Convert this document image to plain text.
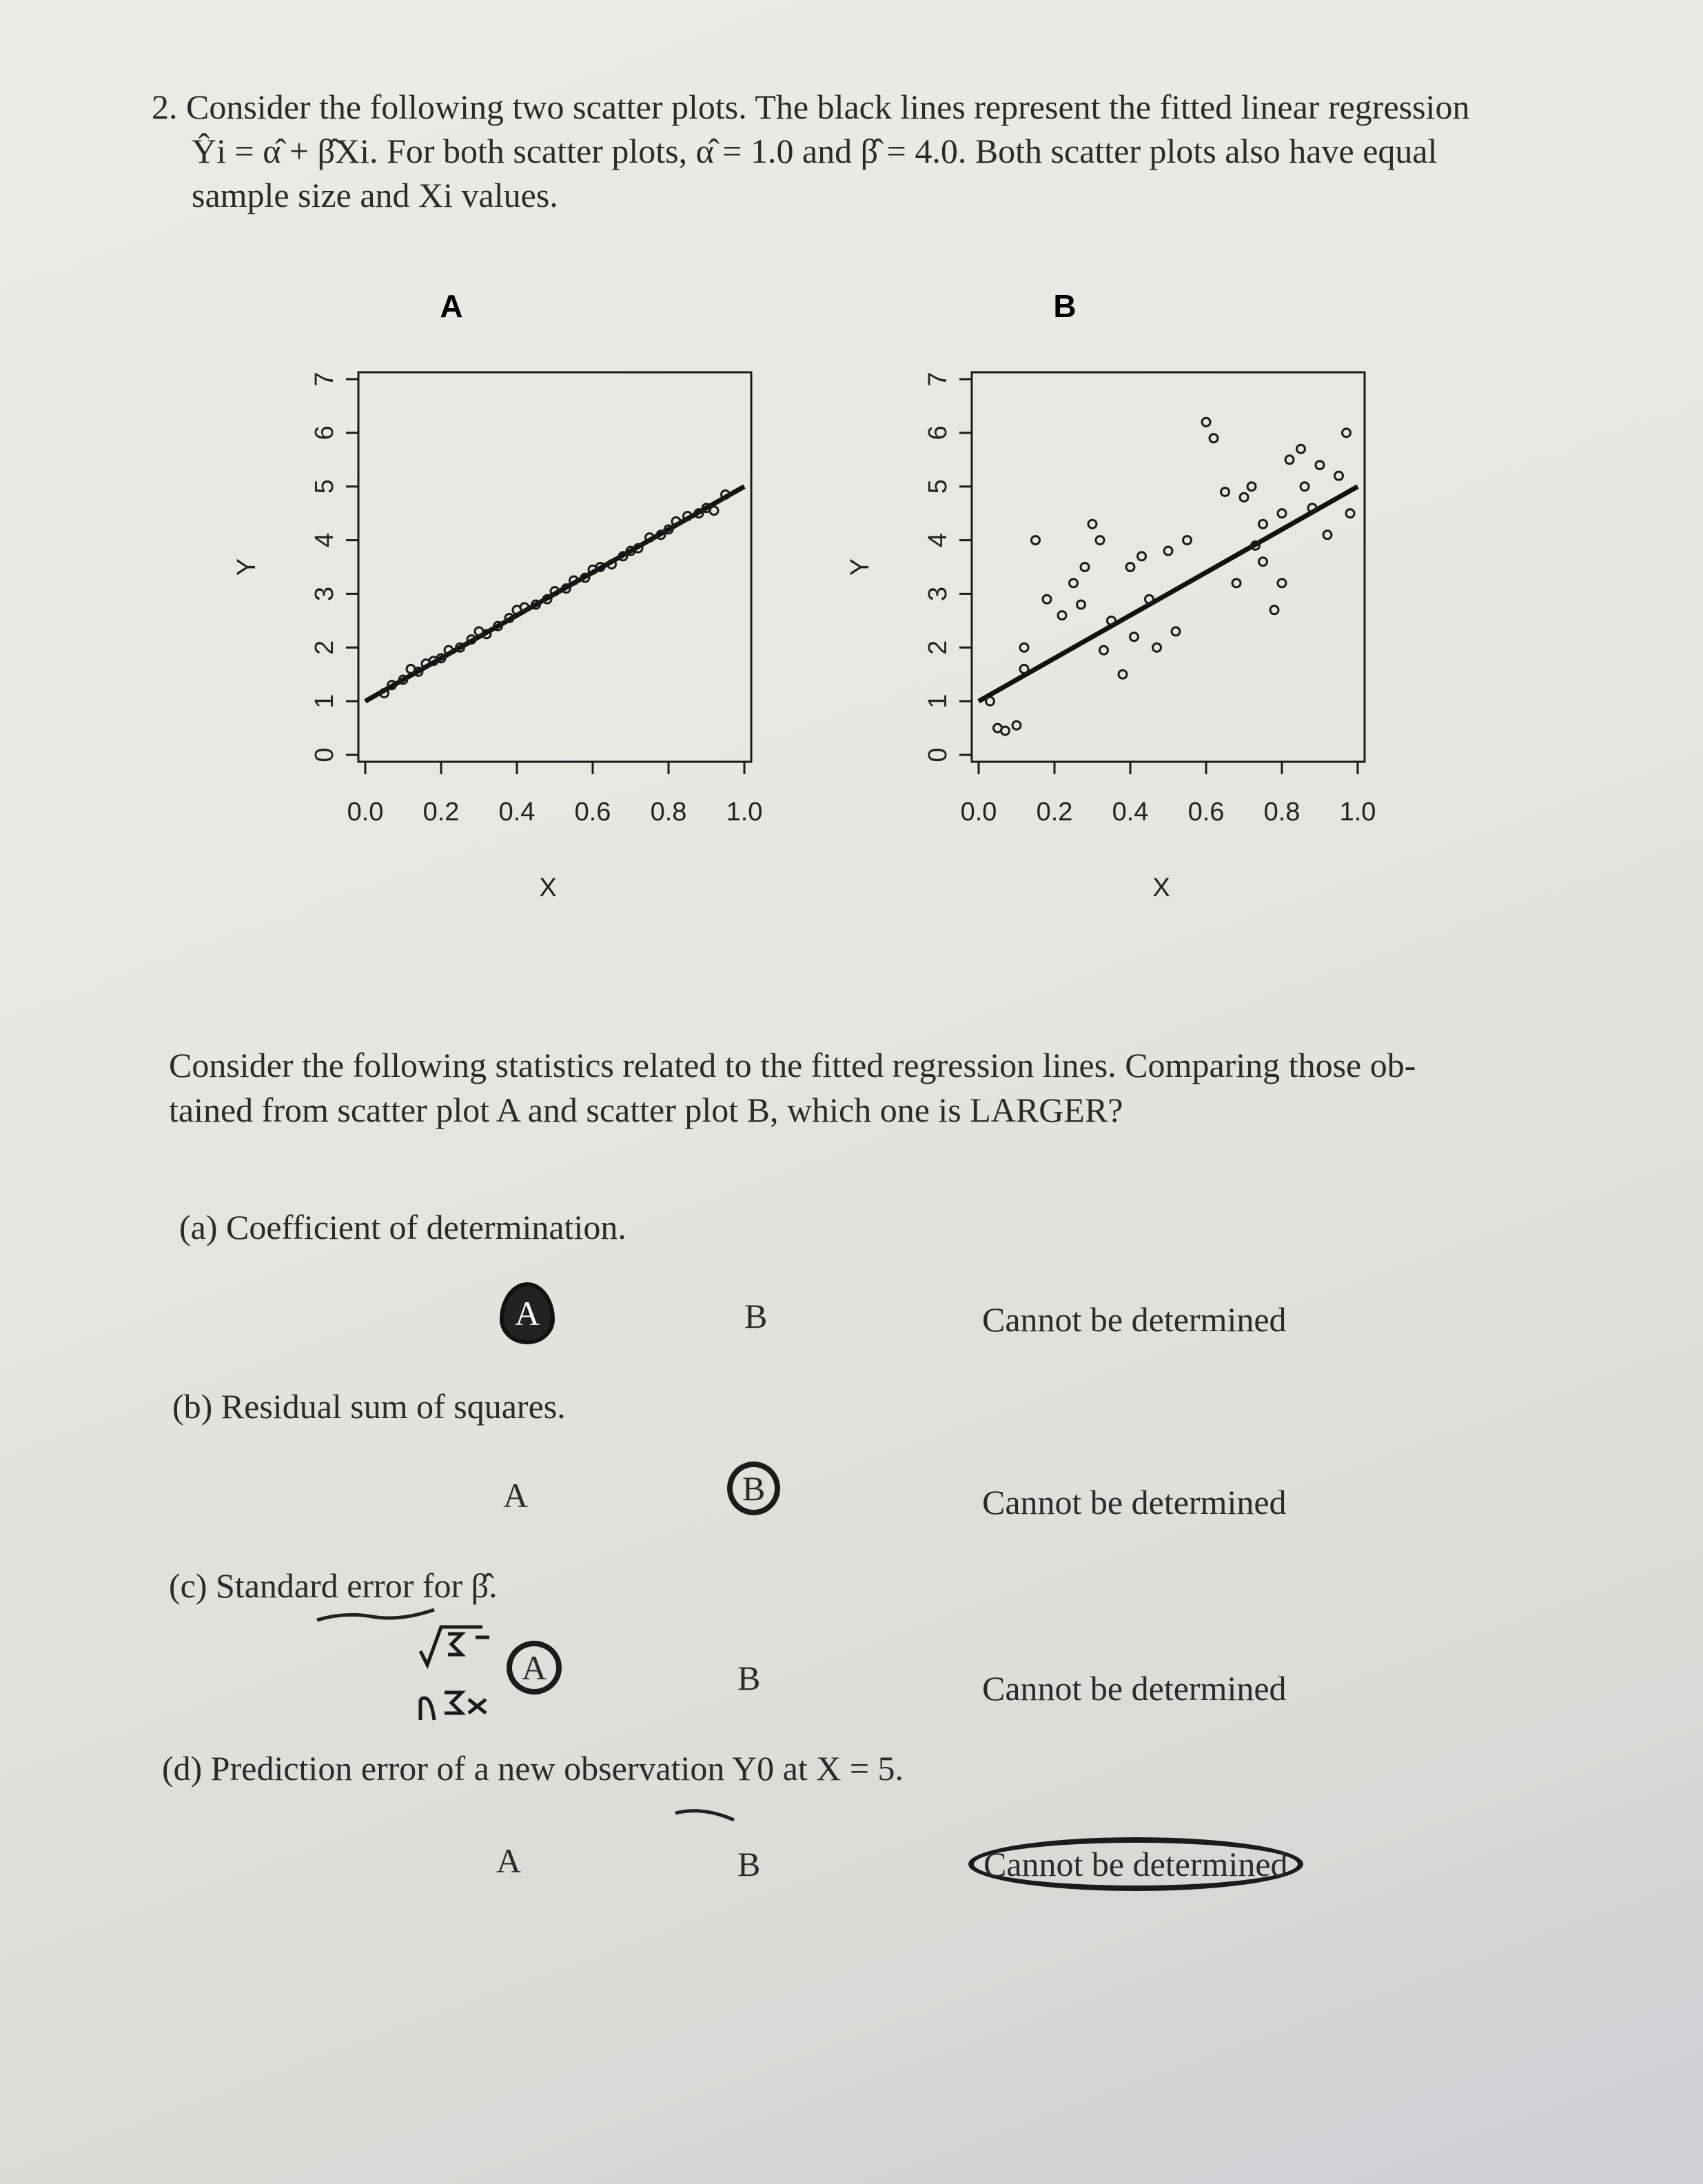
2. Consider the following two scatter plots. The black lines represent the fitted linear regression
Ŷi = α̂ + β̂Xi. For both scatter plots, α̂ = 1.0 and β̂ = 4.0. Both scatter plots also have equal
sample size and Xi values.
A
0
1
2
3
4
5
6
7
0.0 0.2 0.4 0.6 0.8 1.0
X
Y
B
0
1
2
3
4
5
6
7
0.0 0.2 0.4 0.6 0.8 1.0
X
Y
Consider the following statistics related to the fitted regression lines. Comparing those ob-
tained from scatter plot A and scatter plot B, which one is LARGER?
(a) Coefficient of determination.
A	B	Cannot be determined
(b) Residual sum of squares.
A	B	Cannot be determined
(c) Standard error for β̂.
A	B	Cannot be determined
(d) Prediction error of a new observation Y0 at X = 5.
A	B	Cannot be determined
